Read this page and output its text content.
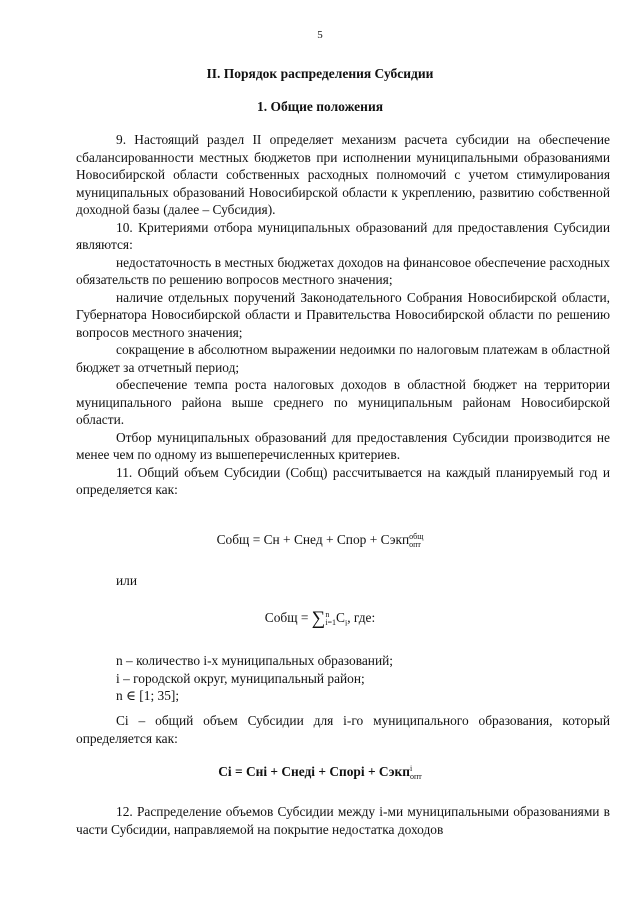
5
II. Порядок распределения Субсидии
1. Общие положения

9. Настоящий раздел II определяет механизм расчета субсидии на обеспечение сбалансированности местных бюджетов при исполнении муниципальными образованиями Новосибирской области собственных расходных полномочий с учетом стимулирования муниципальных образований Новосибирской области к укреплению, развитию собственной доходной базы (далее – Субсидия).

10. Критериями отбора муниципальных образований для предоставления Субсидии являются:

недостаточность в местных бюджетах доходов на финансовое обеспечение расходных обязательств по решению вопросов местного значения;

наличие отдельных поручений Законодательного Собрания Новосибирской области, Губернатора Новосибирской области и Правительства Новосибирской области по решению вопросов местного значения;

сокращение в абсолютном выражении недоимки по налоговым платежам в областной бюджет за отчетный период;

обеспечение темпа роста налоговых доходов в областной бюджет на территории муниципального района выше среднего по муниципальным районам Новосибирской области.

Отбор муниципальных образований для предоставления Субсидии производится не менее чем по одному из вышеперечисленных критериев.

11. Общий объем Субсидии (Собщ) рассчитывается на каждый планируемый год и определяется как:

Собщ = Сн + Снед + Спор + Сэкп общ
опт
или
Собщ = ∑ n
i=1 $C_i$, где:
n – количество i-х муниципальных образований;
i – городской округ, муниципальный район;
n ∈ [1; 35];

Ci – общий объем Субсидии для i-го муниципального образования, который определяется как:

Ci = Снi + Снедi + Спорi + Сэкп i
опт

12. Распределение объемов Субсидии между i-ми муниципальными образованиями в части Субсидии, направляемой на покрытие недостатка доходов
